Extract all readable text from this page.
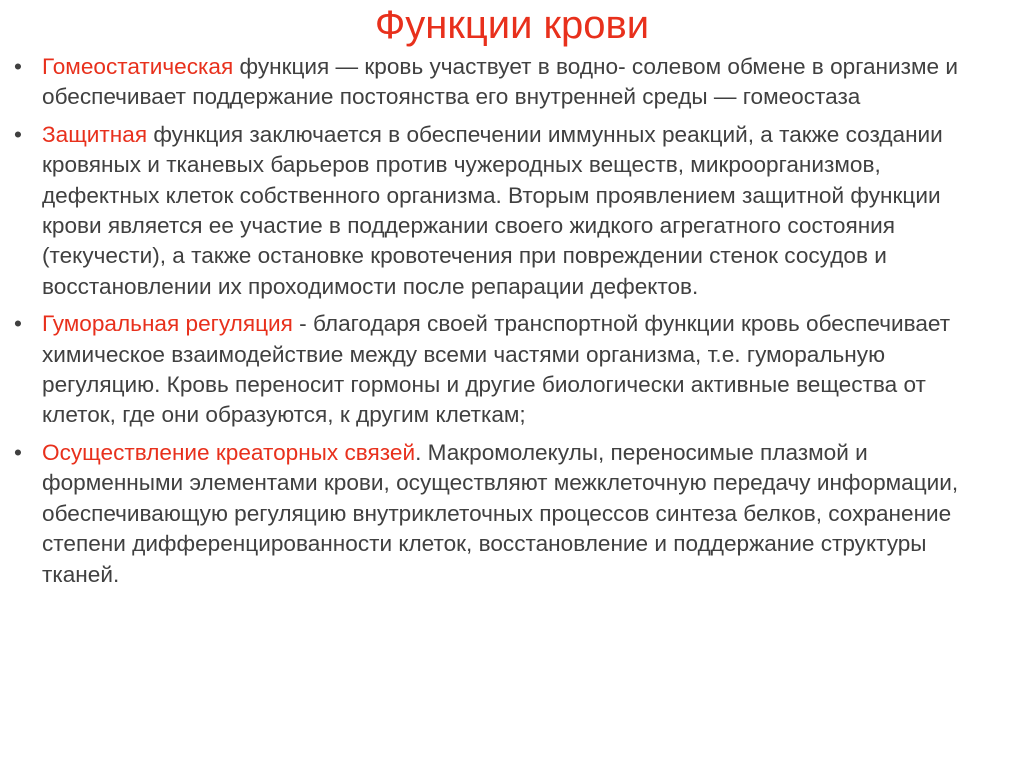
Функции крови
• Гомеостатическая функция — кровь участвует в водно- солевом обмене в организме и обеспечивает поддержание постоянства его внутренней среды — гомеостаза
• Защитная функция заключается в обеспечении иммунных реакций, а также создании кровяных и тканевых барьеров против чужеродных веществ, микроорганизмов, дефектных клеток собственного организма. Вторым проявлением защитной функции крови является ее участие в поддержании своего жидкого агрегатного состояния (текучести), а также остановке кровотечения при повреждении стенок сосудов и восстановлении их проходимости после репарации дефектов.
• Гуморальная регуляция - благодаря своей транспортной функции кровь обеспечивает химическое взаимодействие между всеми частями организма, т.е. гуморальную регуляцию. Кровь переносит гормоны и другие биологически активные вещества от клеток, где они образуются, к другим клеткам;
• Осуществление креаторных связей. Макромолекулы, переносимые плазмой и форменными элементами крови, осуществляют межклеточную передачу информации, обеспечивающую регуляцию внутриклеточных процессов синтеза белков, сохранение степени дифференцированности клеток, восстановление и поддержание структуры тканей.
